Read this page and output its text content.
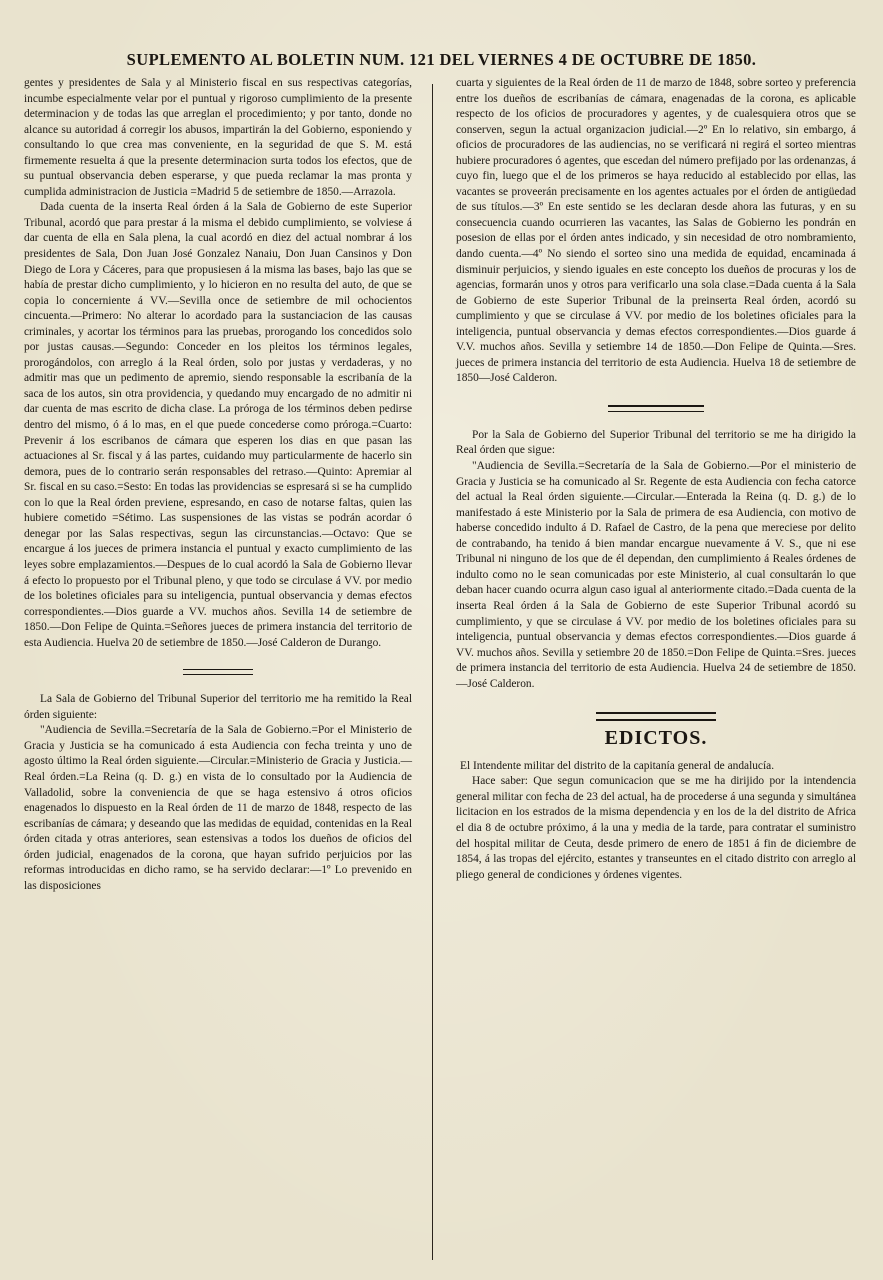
SUPLEMENTO AL BOLETIN NUM. 121 DEL VIERNES 4 DE OCTUBRE DE 1850.

gentes y presidentes de Sala y al Ministerio fiscal en sus respectivas categorías, incumbe especialmente velar por el puntual y rigoroso cumplimiento de la presente determinacion y de todas las que arreglan el procedimiento; y por tanto, donde no alcance su autoridad á corregir los abusos, impartirán la del Gobierno, esponiendo y consultando lo que crea mas conveniente, en la seguridad de que S. M. está firmemente resuelta á que la presente determinacion surta todos los efectos, que de su puntual observancia deben esperarse, y que pueda reclamar la mas pronta y cumplida administracion de Justicia =Madrid 5 de setiembre de 1850.—Arrazola.

Dada cuenta de la inserta Real órden á la Sala de Gobierno de este Superior Tribunal, acordó que para prestar á la misma el debido cumplimiento, se volviese á dar cuenta de ella en Sala plena, la cual acordó en diez del actual nombrar á los presidentes de Sala, Don Juan José Gonzalez Nanaiu, Don Juan Cansinos y Don Diego de Lora y Cáceres, para que propusiesen á la misma las bases, bajo las que se había de prestar dicho cumplimiento, y lo hicieron en no resulta del auto, de que se copia lo concerniente á VV.—Sevilla once de setiembre de mil ochocientos cincuenta.—Primero: No alterar lo acordado para la sustanciacion de las causas criminales, y acortar los términos para las pruebas, prorogando los concedidos solo por justas causas.—Segundo: Conceder en los pleitos los términos legales, prorogándolos, con arreglo á la Real órden, solo por justas y verdaderas, y no admitir mas que un pedimento de apremio, siendo responsable la escribanía de la saca de los autos, sin otra providencia, y quedando muy encargado de no admitir ni dar cuenta de mas escrito de dicha clase. La próroga de los términos deben pedirse dentro del mismo, ó á lo mas, en el que puede concederse como próroga.=Cuarto: Prevenir á los escribanos de cámara que esperen los dias en que pasan las actuaciones al Sr. fiscal y á las partes, cuidando muy particularmente de hacerlo sin demora, pues de lo contrario serán responsables del retraso.—Quinto: Apremiar al Sr. fiscal en su caso.=Sesto: En todas las providencias se espresará si se ha cumplido con lo que la Real órden previene, espresando, en caso de notarse faltas, quien las hubiere cometido =Sétimo. Las suspensiones de las vistas se podrán acordar ó denegar por las Salas respectivas, segun las circunstancias.—Octavo: Que se encargue á los jueces de primera instancia el puntual y exacto cumplimiento de las leyes sobre emplazamientos.—Despues de lo cual acordó la Sala de Gobierno llevar á efecto lo propuesto por el Tribunal pleno, y que todo se circulase á VV. por medio de los boletines oficiales para su inteligencia, puntual observancia y demas efectos correspondientes.—Dios guarde a VV. muchos años. Sevilla 14 de setiembre de 1850.—Don Felipe de Quinta.=Señores jueces de primera instancia del territorio de esta Audiencia. Huelva 20 de setiembre de 1850.—José Calderon de Durango.

La Sala de Gobierno del Tribunal Superior del territorio me ha remitido la Real órden siguiente:

"Audiencia de Sevilla.=Secretaría de la Sala de Gobierno.=Por el Ministerio de Gracia y Justicia se ha comunicado á esta Audiencia con fecha treinta y uno de agosto último la Real órden siguiente.—Circular.=Ministerio de Gracia y Justicia.—Real órden.=La Reina (q. D. g.) en vista de lo consultado por la Audiencia de Valladolid, sobre la conveniencia de que se haga estensivo á otros oficios enagenados lo dispuesto en la Real órden de 11 de marzo de 1848, respecto de las escribanías de cámara; y deseando que las medidas de equidad, contenidas en la Real órden citada y otras anteriores, sean estensivas a todos los dueños de oficios del órden judicial, enagenados de la corona, que hayan sufrido perjuicios por las reformas introducidas en dicho ramo, se ha servido declarar:—1º Lo prevenido en las disposiciones

cuarta y siguientes de la Real órden de 11 de marzo de 1848, sobre sorteo y preferencia entre los dueños de escribanías de cámara, enagenadas de la corona, es aplicable respecto de los oficios de procuradores y agentes, y de cualesquiera otros que se conserven, segun la actual organizacion judicial.—2º En lo relativo, sin embargo, á oficios de procuradores de las audiencias, no se verificará ni regirá el sorteo mientras hubiere procuradores ó agentes, que escedan del número prefijado por las ordenanzas, á cuyo fin, luego que el de los primeros se haya reducido al establecido por ellas, las vacantes se proveerán precisamente en los agentes actuales por el órden de antigüedad de sus títulos.—3º En este sentido se les declaran desde ahora las futuras, y en su consecuencia cuando ocurrieren las vacantes, las Salas de Gobierno les pondrán en posesion de ellas por el órden antes indicado, y sin necesidad de otro nombramiento, dando cuenta.—4º No siendo el sorteo sino una medida de equidad, encaminada á disminuir perjuicios, y siendo iguales en este concepto los dueños de procuras y los de agencias, formarán unos y otros para verificarlo una sola clase.=Dada cuenta á la Sala de Gobierno de este Superior Tribunal de la preinserta Real órden, acordó su cumplimiento y que se circulase á VV. por medio de los boletines oficiales para la inteligencia, puntual observancia y demas efectos correspondientes.—Dios guarde á V.V. muchos años. Sevilla y setiembre 14 de 1850.—Don Felipe de Quinta.—Sres. jueces de primera instancia del territorio de esta Audiencia. Huelva 18 de setiembre de 1850—José Calderon.

Por la Sala de Gobierno del Superior Tribunal del territorio se me ha dirigido la Real órden que sigue:

"Audiencia de Sevilla.=Secretaría de la Sala de Gobierno.—Por el ministerio de Gracia y Justicia se ha comunicado al Sr. Regente de esta Audiencia con fecha catorce del actual la Real órden siguiente.—Circular.—Enterada la Reina (q. D. g.) de lo manifestado á este Ministerio por la Sala de primera de esa Audiencia, con motivo de haberse concedido indulto á D. Rafael de Castro, de la pena que mereciese por delito de contrabando, ha tenido á bien mandar encargue nuevamente á V. S., que ni ese Tribunal ni ninguno de los que de él dependan, den cumplimiento á Reales órdenes de indulto como no le sean comunicadas por este Ministerio, al cual consultarán lo que deban hacer cuando ocurra algun caso igual al anteriormente citado.=Dada cuenta de la inserta Real órden á la Sala de Gobierno de este Superior Tribunal acordó su cumplimiento, y que se circulase á VV. por medio de los boletines oficiales para su inteligencia, puntual observancia y demas efectos correspondientes.—Dios guarde á VV. muchos años. Sevilla y setiembre 20 de 1850.=Don Felipe de Quinta.=Sres. jueces de primera instancia del territorio de esta Audiencia. Huelva 24 de setiembre de 1850.—José Calderon.

EDICTOS.

El Intendente militar del distrito de la capitanía general de andalucía.

Hace saber: Que segun comunicacion que se me ha dirijido por la intendencia general militar con fecha de 23 del actual, ha de procederse á una segunda y simultánea licitacion en los estrados de la misma dependencia y en los de la del distrito de Africa el dia 8 de octubre próximo, á la una y media de la tarde, para contratar el suministro del hospital militar de Ceuta, desde primero de enero de 1851 á fin de diciembre de 1854, á las tropas del ejército, estantes y transeuntes en el citado distrito con arreglo al pliego general de condiciones y órdenes vigentes.
